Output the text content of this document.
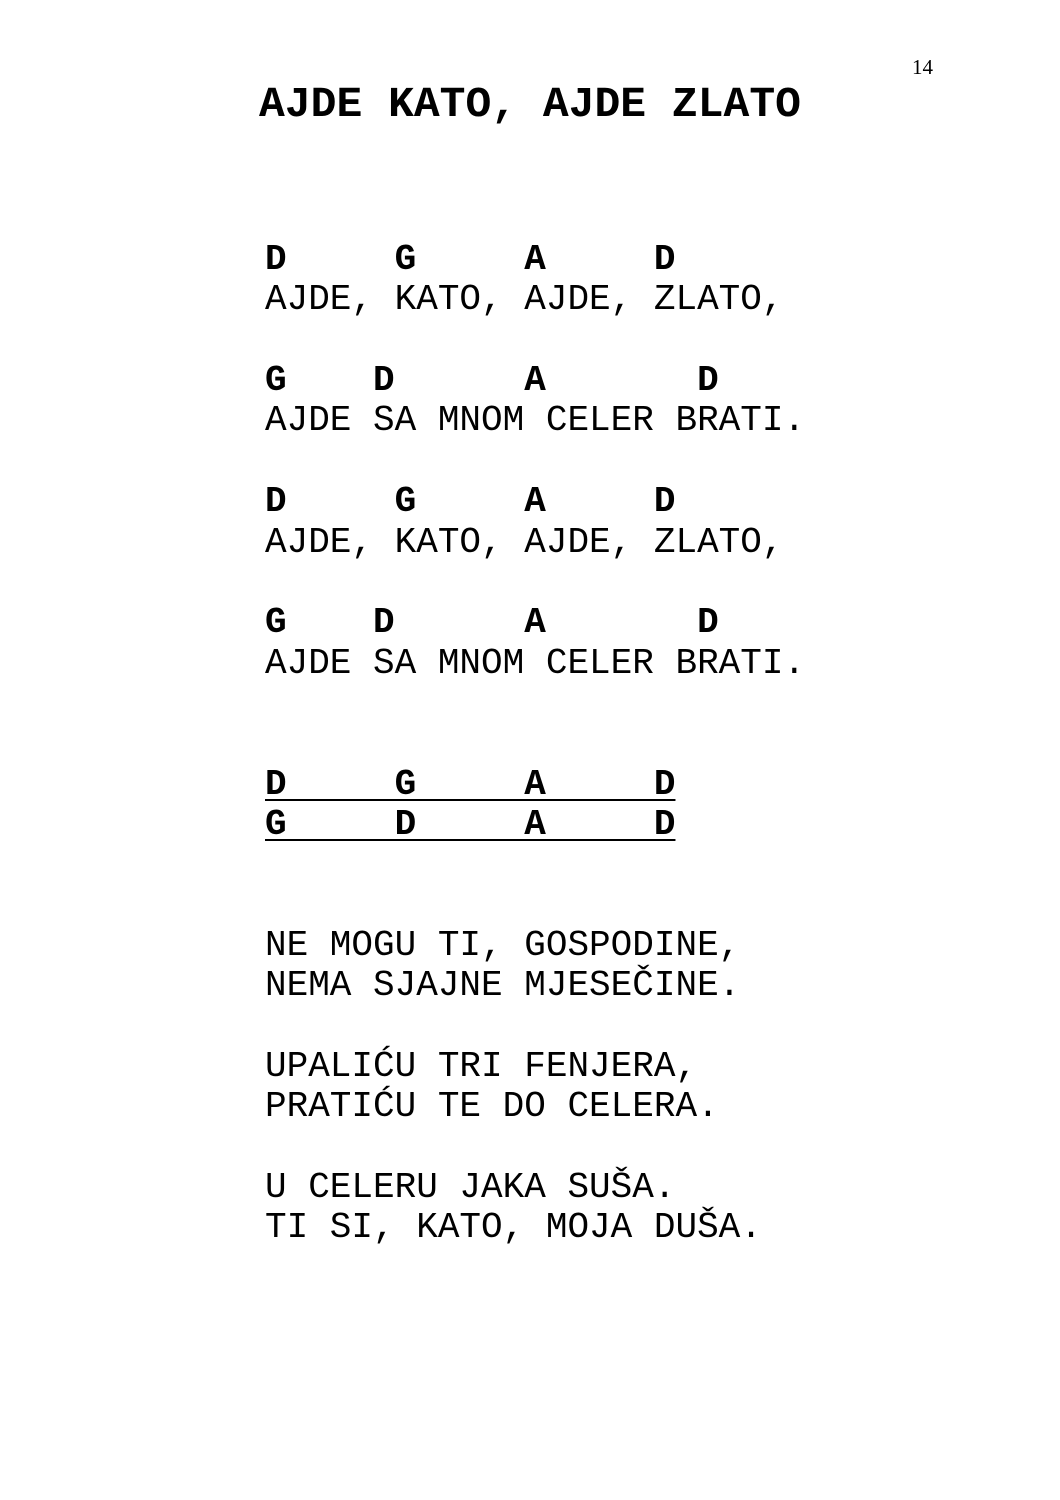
14
AJDE KATO, AJDE ZLATO
D     G     A     D
AJDE, KATO, AJDE, ZLATO,
G    D      A       D
AJDE SA MNOM CELER BRATI.
D     G     A     D
AJDE, KATO, AJDE, ZLATO,
G    D      A       D
AJDE SA MNOM CELER BRATI.
D     G     A     D
G     D     A     D
NE MOGU TI, GOSPODINE,
NEMA SJAJNE MJESEČINE.
UPALIĆU TRI FENJERA,
PRATIĆU TE DO CELERA.
U CELERU JAKA SUŠA.
TI SI, KATO, MOJA DUŠA.
